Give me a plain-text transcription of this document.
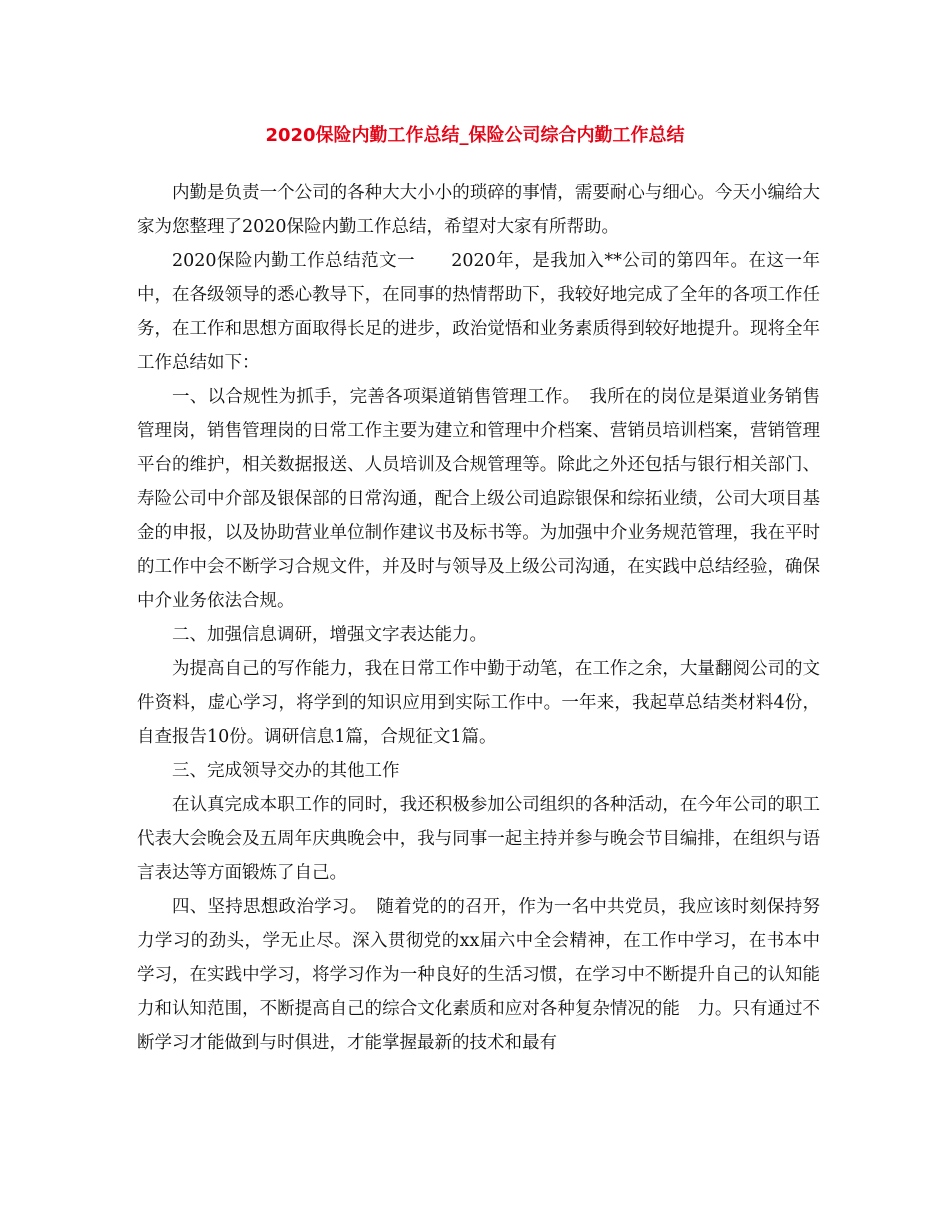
2020保险内勤工作总结_保险公司综合内勤工作总结

内勤是负责一个公司的各种大大小小的琐碎的事情，需要耐心与细心。今天小编给大家为您整理了2020保险内勤工作总结，希望对大家有所帮助。

2020保险内勤工作总结范文一　　2020年，是我加入**公司的第四年。在这一年中，在各级领导的悉心教导下，在同事的热情帮助下，我较好地完成了全年的各项工作任务，在工作和思想方面取得长足的进步，政治觉悟和业务素质得到较好地提升。现将全年工作总结如下：

一、以合规性为抓手，完善各项渠道销售管理工作。　我所在的岗位是渠道业务销售管理岗，销售管理岗的日常工作主要为建立和管理中介档案、营销员培训档案，营销管理平台的维护，相关数据报送、人员培训及合规管理等。除此之外还包括与银行相关部门、寿险公司中介部及银保部的日常沟通，配合上级公司追踪银保和综拓业绩，公司大项目基金的申报，以及协助营业单位制作建议书及标书等。为加强中介业务规范管理，我在平时的工作中会不断学习合规文件，并及时与领导及上级公司沟通，在实践中总结经验，确保中介业务依法合规。

二、加强信息调研，增强文字表达能力。

为提高自己的写作能力，我在日常工作中勤于动笔，在工作之余，大量翻阅公司的文件资料，虚心学习，将学到的知识应用到实际工作中。一年来，我起草总结类材料4份，自查报告10份。调研信息1篇，合规征文1篇。

三、完成领导交办的其他工作

在认真完成本职工作的同时，我还积极参加公司组织的各种活动，在今年公司的职工代表大会晚会及五周年庆典晚会中，我与同事一起主持并参与晚会节目编排，在组织与语言表达等方面锻炼了自己。

四、坚持思想政治学习。　随着党的的召开，作为一名中共党员，我应该时刻保持努力学习的劲头，学无止尽。深入贯彻党的xx届六中全会精神，在工作中学习，在书本中学习，在实践中学习，将学习作为一种良好的生活习惯，在学习中不断提升自己的认知能力和认知范围，不断提高自己的综合文化素质和应对各种复杂情况的能　力。只有通过不断学习才能做到与时俱进，才能掌握最新的技术和最有
